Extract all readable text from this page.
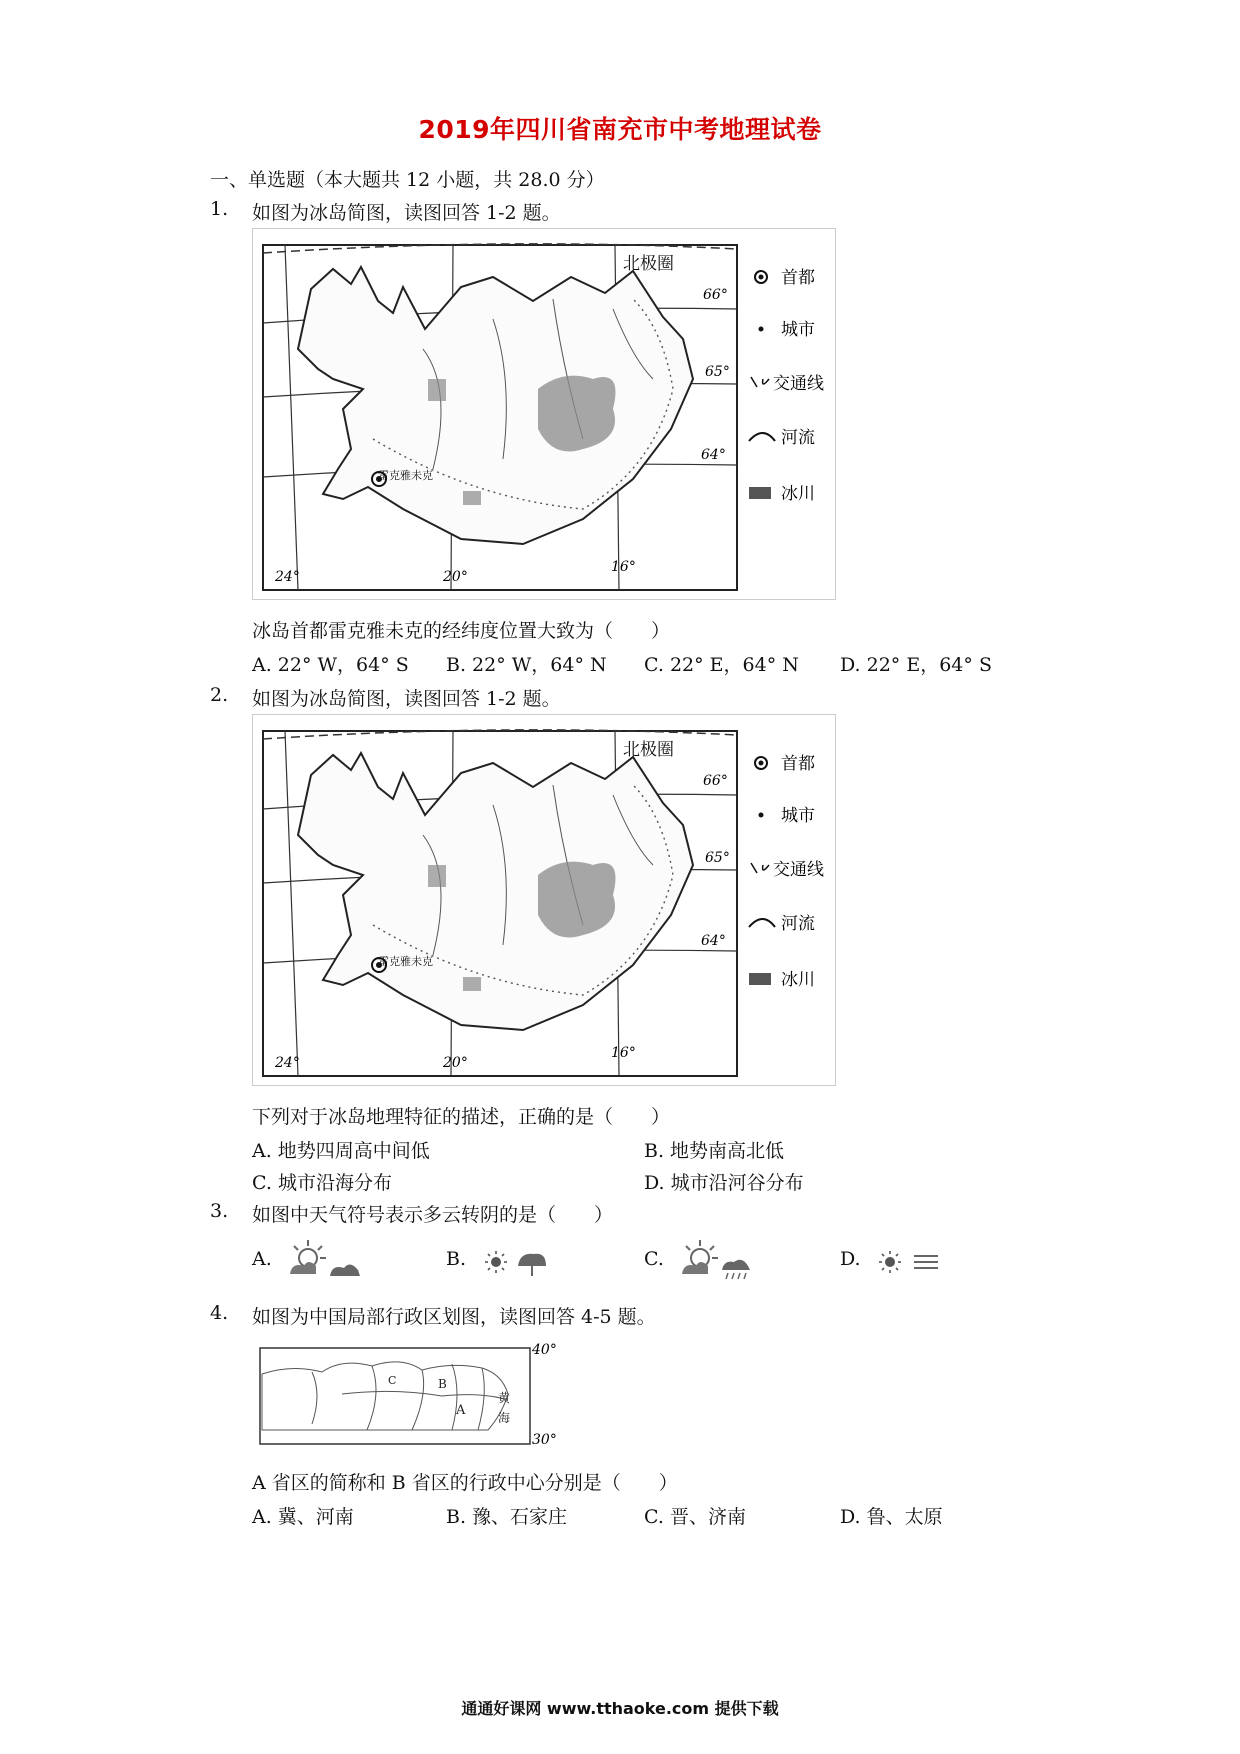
2019年四川省南充市中考地理试卷
一、单选题（本大题共 12 小题，共 28.0 分）
1. 如图为冰岛简图，读图回答 1-2 题。
雷克雅未克
北极圈
66°
65°
64°
24°	20°
16°
首都
城市
交通线
河流
冰川
冰岛首都雷克雅未克的经纬度位置大致为（　　）
A. 22° W，64° S B. 22° W，64° N C. 22° E，64° N D. 22° E，64° S
2. 如图为冰岛简图，读图回答 1-2 题。
雷克雅未克
北极圈
66°
65°
64°
24°	20°
16°
首都
城市
交通线
河流
冰川
下列对于冰岛地理特征的描述，正确的是（　　）
A. 地势四周高中间低	B. 地势南高北低
C. 城市沿海分布	D. 城市沿河谷分布
3. 如图中天气符号表示多云转阴的是（　　）
A.	B.	C.	D.
4. 如图为中国局部行政区划图，读图回答 4-5 题。
B
A
C
黄
海
40°
30°
A 省区的简称和 B 省区的行政中心分别是（　　）
A. 冀、河南	B. 豫、石家庄	C. 晋、济南	D. 鲁、太原
通通好课网 www.tthaoke.com 提供下载
